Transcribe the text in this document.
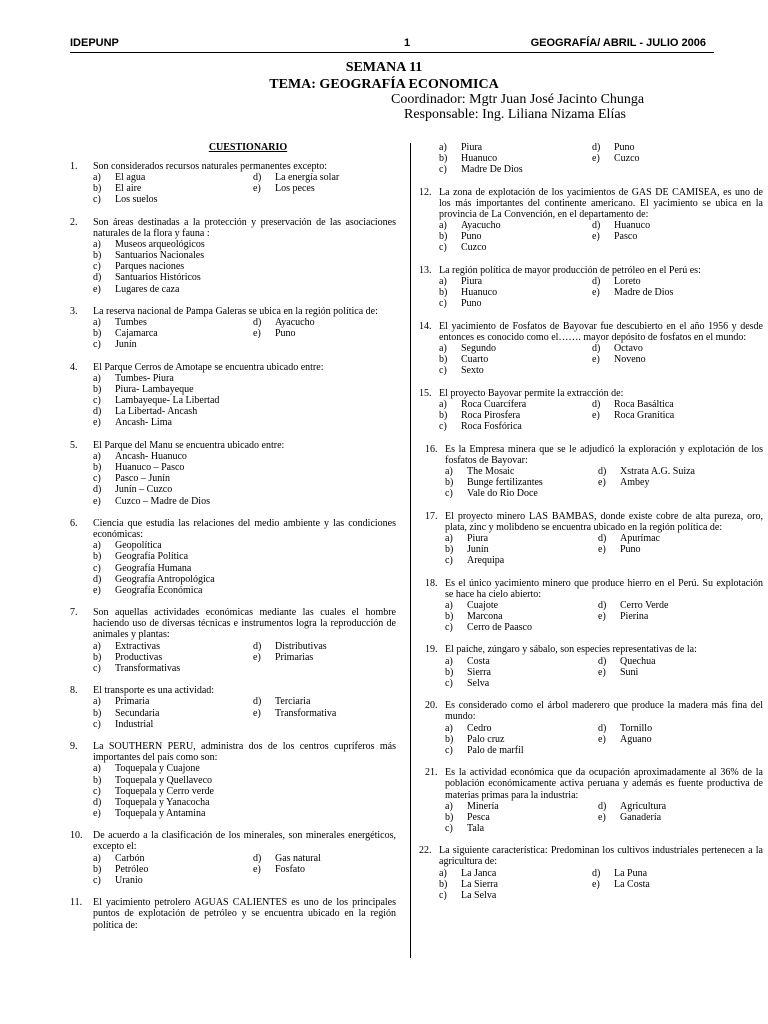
IDEPUNP	1	GEOGRAFÍA/ ABRIL - JULIO 2006
SEMANA 11
TEMA: GEOGRAFÍA ECONOMICA
Coordinador: Mgtr Juan José Jacinto Chunga
Responsable: Ing. Liliana Nizama Elías
CUESTIONARIO
1.	Son considerados recursos naturales permanentes excepto:
a)	El agua	d)	La energía solar
b)	El aire	e)	Los peces
c)	Los suelos
2.	Son áreas destinadas a la protección y preservación de las asociaciones naturales de la flora y fauna :
a)	Museos arqueológicos
b)	Santuarios Nacionales
c)	Parques naciones
d)	Santuarios Históricos
e)	Lugares de caza
3.	La reserva nacional de Pampa Galeras se ubica en la región política de:
a)	Tumbes	d)	Ayacucho
b)	Cajamarca	e)	Puno
c)	Junín
4.	El Parque Cerros de Amotape se encuentra ubicado entre:
a)	Tumbes- Piura
b)	Piura- Lambayeque
c)	Lambayeque- La Libertad
d)	La Libertad- Ancash
e)	Ancash- Lima
5.	El Parque del Manu se encuentra ubicado entre:
a)	Ancash- Huanuco
b)	Huanuco – Pasco
c)	Pasco – Junín
d)	Junín – Cuzco
e)	Cuzco – Madre de Dios
6.	Ciencia que estudia las relaciones del medio ambiente y las condiciones económicas:
a)	Geopolítica
b)	Geografía Política
c)	Geografía Humana
d)	Geografía Antropológica
e)	Geografía Económica
7.	Son aquellas actividades económicas mediante las cuales el hombre haciendo uso de diversas técnicas e instrumentos logra la reproducción de animales y plantas:
a)	Extractivas	d)	Distributivas
b)	Productivas	e)	Primarias
c)	Transformativas
8.	El transporte es una actividad:
a)	Primaria	d)	Terciaria
b)	Secundaria	e)	Transformativa
c)	Industrial
9.	La SOUTHERN PERU, administra dos de los centros cupríferos más importantes del país como son:
a)	Toquepala y Cuajone
b)	Toquepala y Quellaveco
c)	Toquepala y Cerro verde
d)	Toquepala y Yanacocha
e)	Toquepala y Antamina
10.	De acuerdo a la clasificación de los minerales, son minerales energéticos, excepto el:
a)	Carbón	d)	Gas natural
b)	Petróleo	e)	Fosfato
c)	Uranio
11.	El yacimiento petrolero AGUAS CALIENTES es uno de los principales puntos de explotación de petróleo y se encuentra ubicado en la región política de:
a)	Piura	d)	Puno
b)	Huanuco	e)	Cuzco
c)	Madre De Dios
12. La zona de explotación de los yacimientos de GAS DE CAMISEA, es uno de los más importantes del continente americano. El yacimiento se ubica en la provincia de La Convención, en el departamento de:
a)	Ayacucho	d)	Huanuco
b)	Puno	e)	Pasco
c)	Cuzco
13. La región política de mayor producción de petróleo en el Perú es:
a)	Piura	d)	Loreto
b)	Huanuco	e)	Madre de Dios
c)	Puno
14. El yacimiento de Fosfatos de Bayovar fue descubierto en el año 1956 y desde entonces es conocido como el……. mayor depósito de fosfatos en el mundo:
a)	Segundo	d)	Octavo
b)	Cuarto	e)	Noveno
c)	Sexto
15. El proyecto Bayovar permite la extracción de:
a)	Roca Cuarcífera	d)	Roca Basáltica
b)	Roca Pirosfera	e)	Roca Granítica
c)	Roca Fosfórica
16. Es la Empresa minera que se le adjudicó la exploración y explotación de los fosfatos de Bayovar:
a)	The Mosaic	d)	Xstrata A.G. Suiza
b)	Bunge fertilizantes	e)	Ambey
c)	Vale do Rio Doce
17. El proyecto minero LAS BAMBAS, donde existe cobre de alta pureza, oro, plata, zinc y molibdeno se encuentra ubicado en la región política de:
a)	Piura	d)	Apurímac
b)	Junín	e)	Puno
c)	Arequipa
18. Es el único yacimiento minero que produce hierro en el Perú. Su explotación se hace ha cielo abierto:
a)	Cuajote	d)	Cerro Verde
b)	Marcona	e)	Pierina
c)	Cerro de Paasco
19. El paiche, zúngaro y sábalo, son especies representativas de la:
a)	Costa	d)	Quechua
b)	Sierra	e)	Suni
c)	Selva
20. Es considerado como el árbol maderero que produce la madera más fina del mundo:
a)	Cedro	d)	Tornillo
b)	Palo cruz	e)	Aguano
c)	Palo de marfil
21. Es la actividad económica que da ocupación aproximadamente al 36% de la población económicamente activa peruana y además es fuente productiva de materias primas para la industria:
a)	Minería	d)	Agricultura
b)	Pesca	e)	Ganadería
c)	Tala
22. La siguiente característica: Predominan los cultivos industriales pertenecen a la agricultura de:
a)	La Janca	d)	La Puna
b)	La Sierra	e)	La Costa
c)	La Selva
